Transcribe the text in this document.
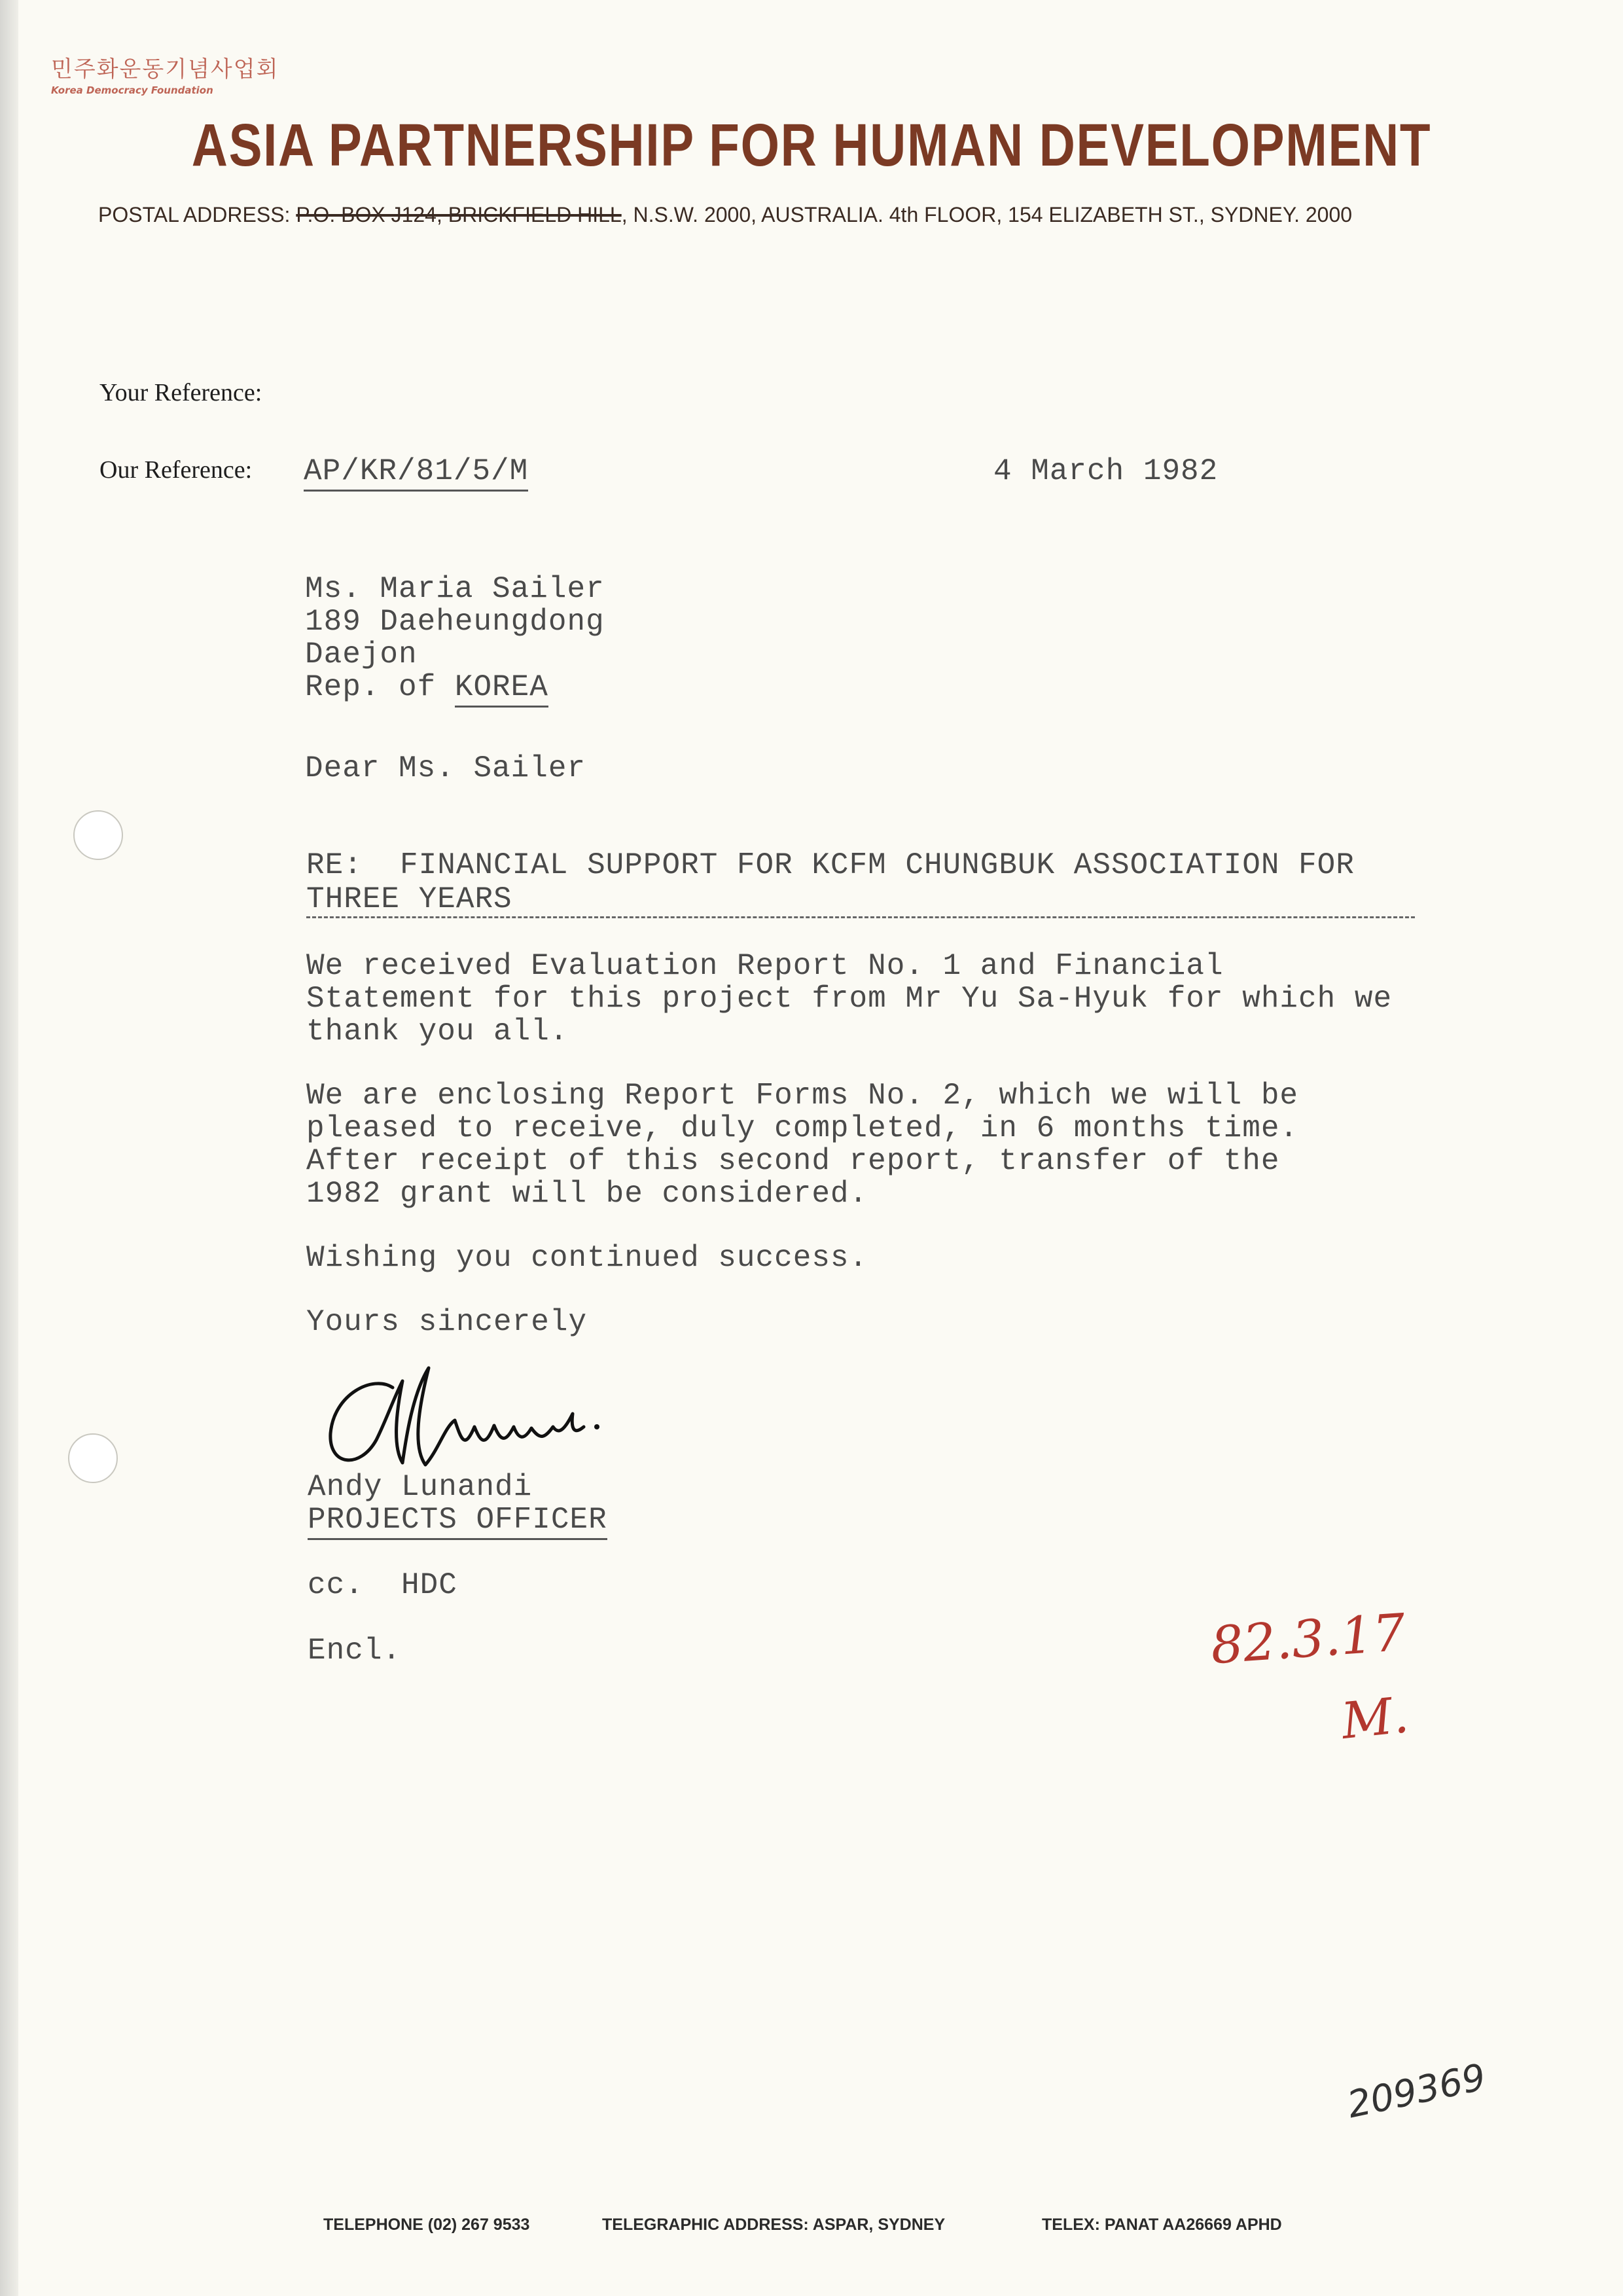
민주화운동기념사업회
Korea Democracy Foundation
ASIA PARTNERSHIP FOR HUMAN DEVELOPMENT
POSTAL ADDRESS: P.O. BOX J124, BRICKFIELD HILL, N.S.W. 2000, AUSTRALIA. 4th FLOOR, 154 ELIZABETH ST., SYDNEY. 2000
Your Reference:
Our Reference: AP/KR/81/5/M	4 March 1982
Ms. Maria Sailer
189 Daeheungdong
Daejon
Rep. of KOREA
Dear Ms. Sailer
RE:  FINANCIAL SUPPORT FOR KCFM CHUNGBUK ASSOCIATION FOR
THREE YEARS
We received Evaluation Report No. 1 and Financial
Statement for this project from Mr Yu Sa-Hyuk for which we
thank you all.
We are enclosing Report Forms No. 2, which we will be
pleased to receive, duly completed, in 6 months time.
After receipt of this second report, transfer of the
1982 grant will be considered.
Wishing you continued success.
Yours sincerely
Andy Lunandi
PROJECTS OFFICER
cc.  HDC
Encl.	82.3.17
M.
209369
TELEPHONE (02) 267 9533	TELEGRAPHIC ADDRESS: ASPAR, SYDNEY	TELEX: PANAT AA26669 APHD
